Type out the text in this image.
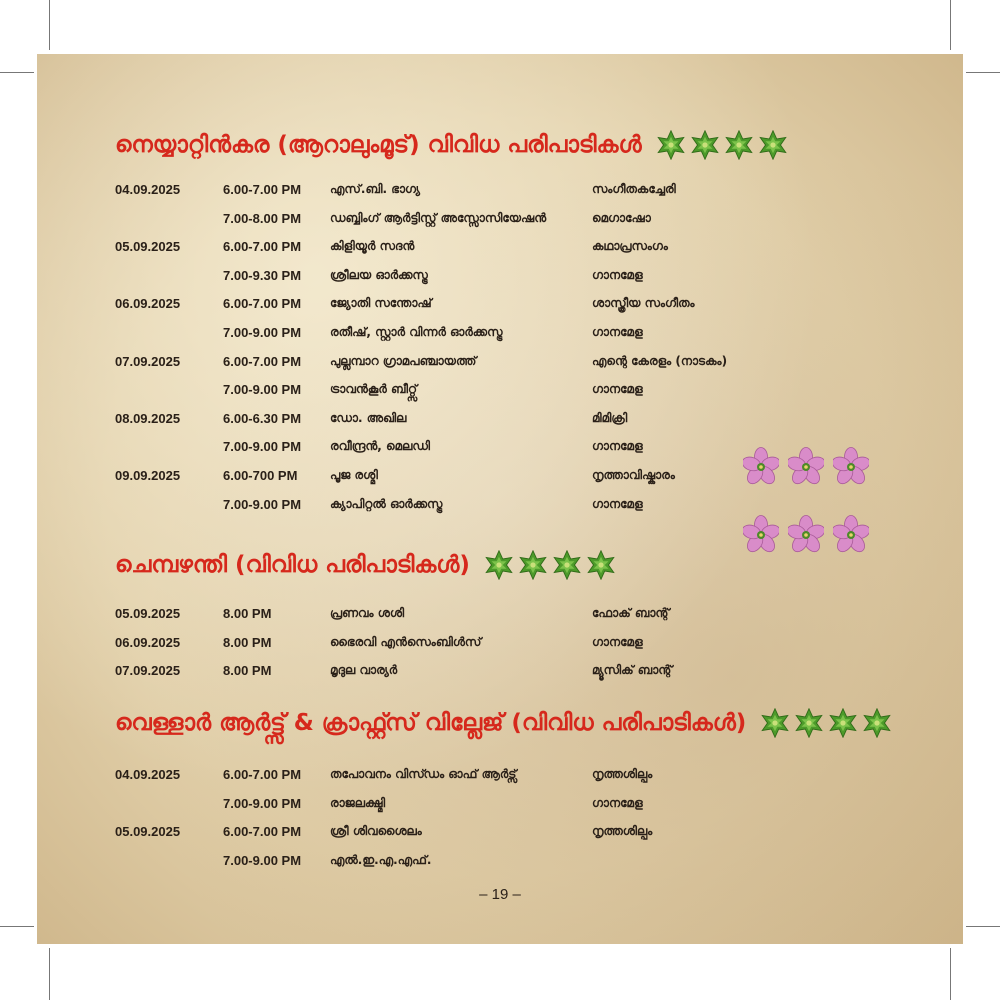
നെയ്യാറ്റിൻകര (ആറാലുംമൂട്) വിവിധ പരിപാടികൾ
04.09.2025	6.00-7.00 PM എസ്.ബി. ഭാഗ്യ	സംഗീതകച്ചേരി
7.00-8.00 PM ഡബ്ബിംഗ് ആർട്ടിസ്റ്റ് അസ്സോസിയേഷൻ	മെഗാഷോ
05.09.2025	6.00-7.00 PM കിളിയൂർ സദൻ	കഥാപ്രസംഗം
7.00-9.30 PM ശ്രീലയ ഓർക്കസ്ട്ര	ഗാനമേള
06.09.2025	6.00-7.00 PM ജ്യോതി സന്തോഷ്	ശാസ്ത്രീയ സംഗീതം
7.00-9.00 PM രതീഷ്, സ്റ്റാർ വിന്നർ ഓർക്കസ്ട്ര	ഗാനമേള
07.09.2025	6.00-7.00 PM പുല്ലമ്പാറ ഗ്രാമപഞ്ചായത്ത്	എന്റെ കേരളം (നാടകം)
7.00-9.00 PM ട്രാവൻകൂർ ബീറ്റ്സ്	ഗാനമേള
08.09.2025	6.00-6.30 PM ഡോ. അഖില	മിമിക്രി
7.00-9.00 PM രവീന്ദ്രൻ, മെലഡി	ഗാനമേള
09.09.2025	6.00-700 PM	പൂജ രശ്മി	നൃത്താവിഷ്കാരം
7.00-9.00 PM ക്യാപിറ്റൽ ഓർക്കസ്ട്ര	ഗാനമേള
ചെമ്പഴന്തി (വിവിധ പരിപാടികൾ)
05.09.2025	8.00 PM	പ്രണവം ശശി	ഫോക് ബാന്റ്
06.09.2025	8.00 PM	ഭൈരവി എൻസെംബിൾസ്	ഗാനമേള
07.09.2025	8.00 PM	മൃദുല വാര്യർ	മ്യൂസിക് ബാന്റ്
വെള്ളാർ ആർട്ട്സ് & ക്രാഫ്റ്റ്സ് വില്ലേജ് (വിവിധ പരിപാടികൾ)
04.09.2025	6.00-7.00 PM തപോവനം വിസ്ഡം ഓഫ് ആർട്സ്	നൃത്തശില്പം
7.00-9.00 PM രാജലക്ഷ്മി	ഗാനമേള
05.09.2025	6.00-7.00 PM ശ്രീ ശിവശൈലം	നൃത്തശില്പം
7.00-9.00 PM എൽ.ഇ.എ.എഫ്.
– 19 –
